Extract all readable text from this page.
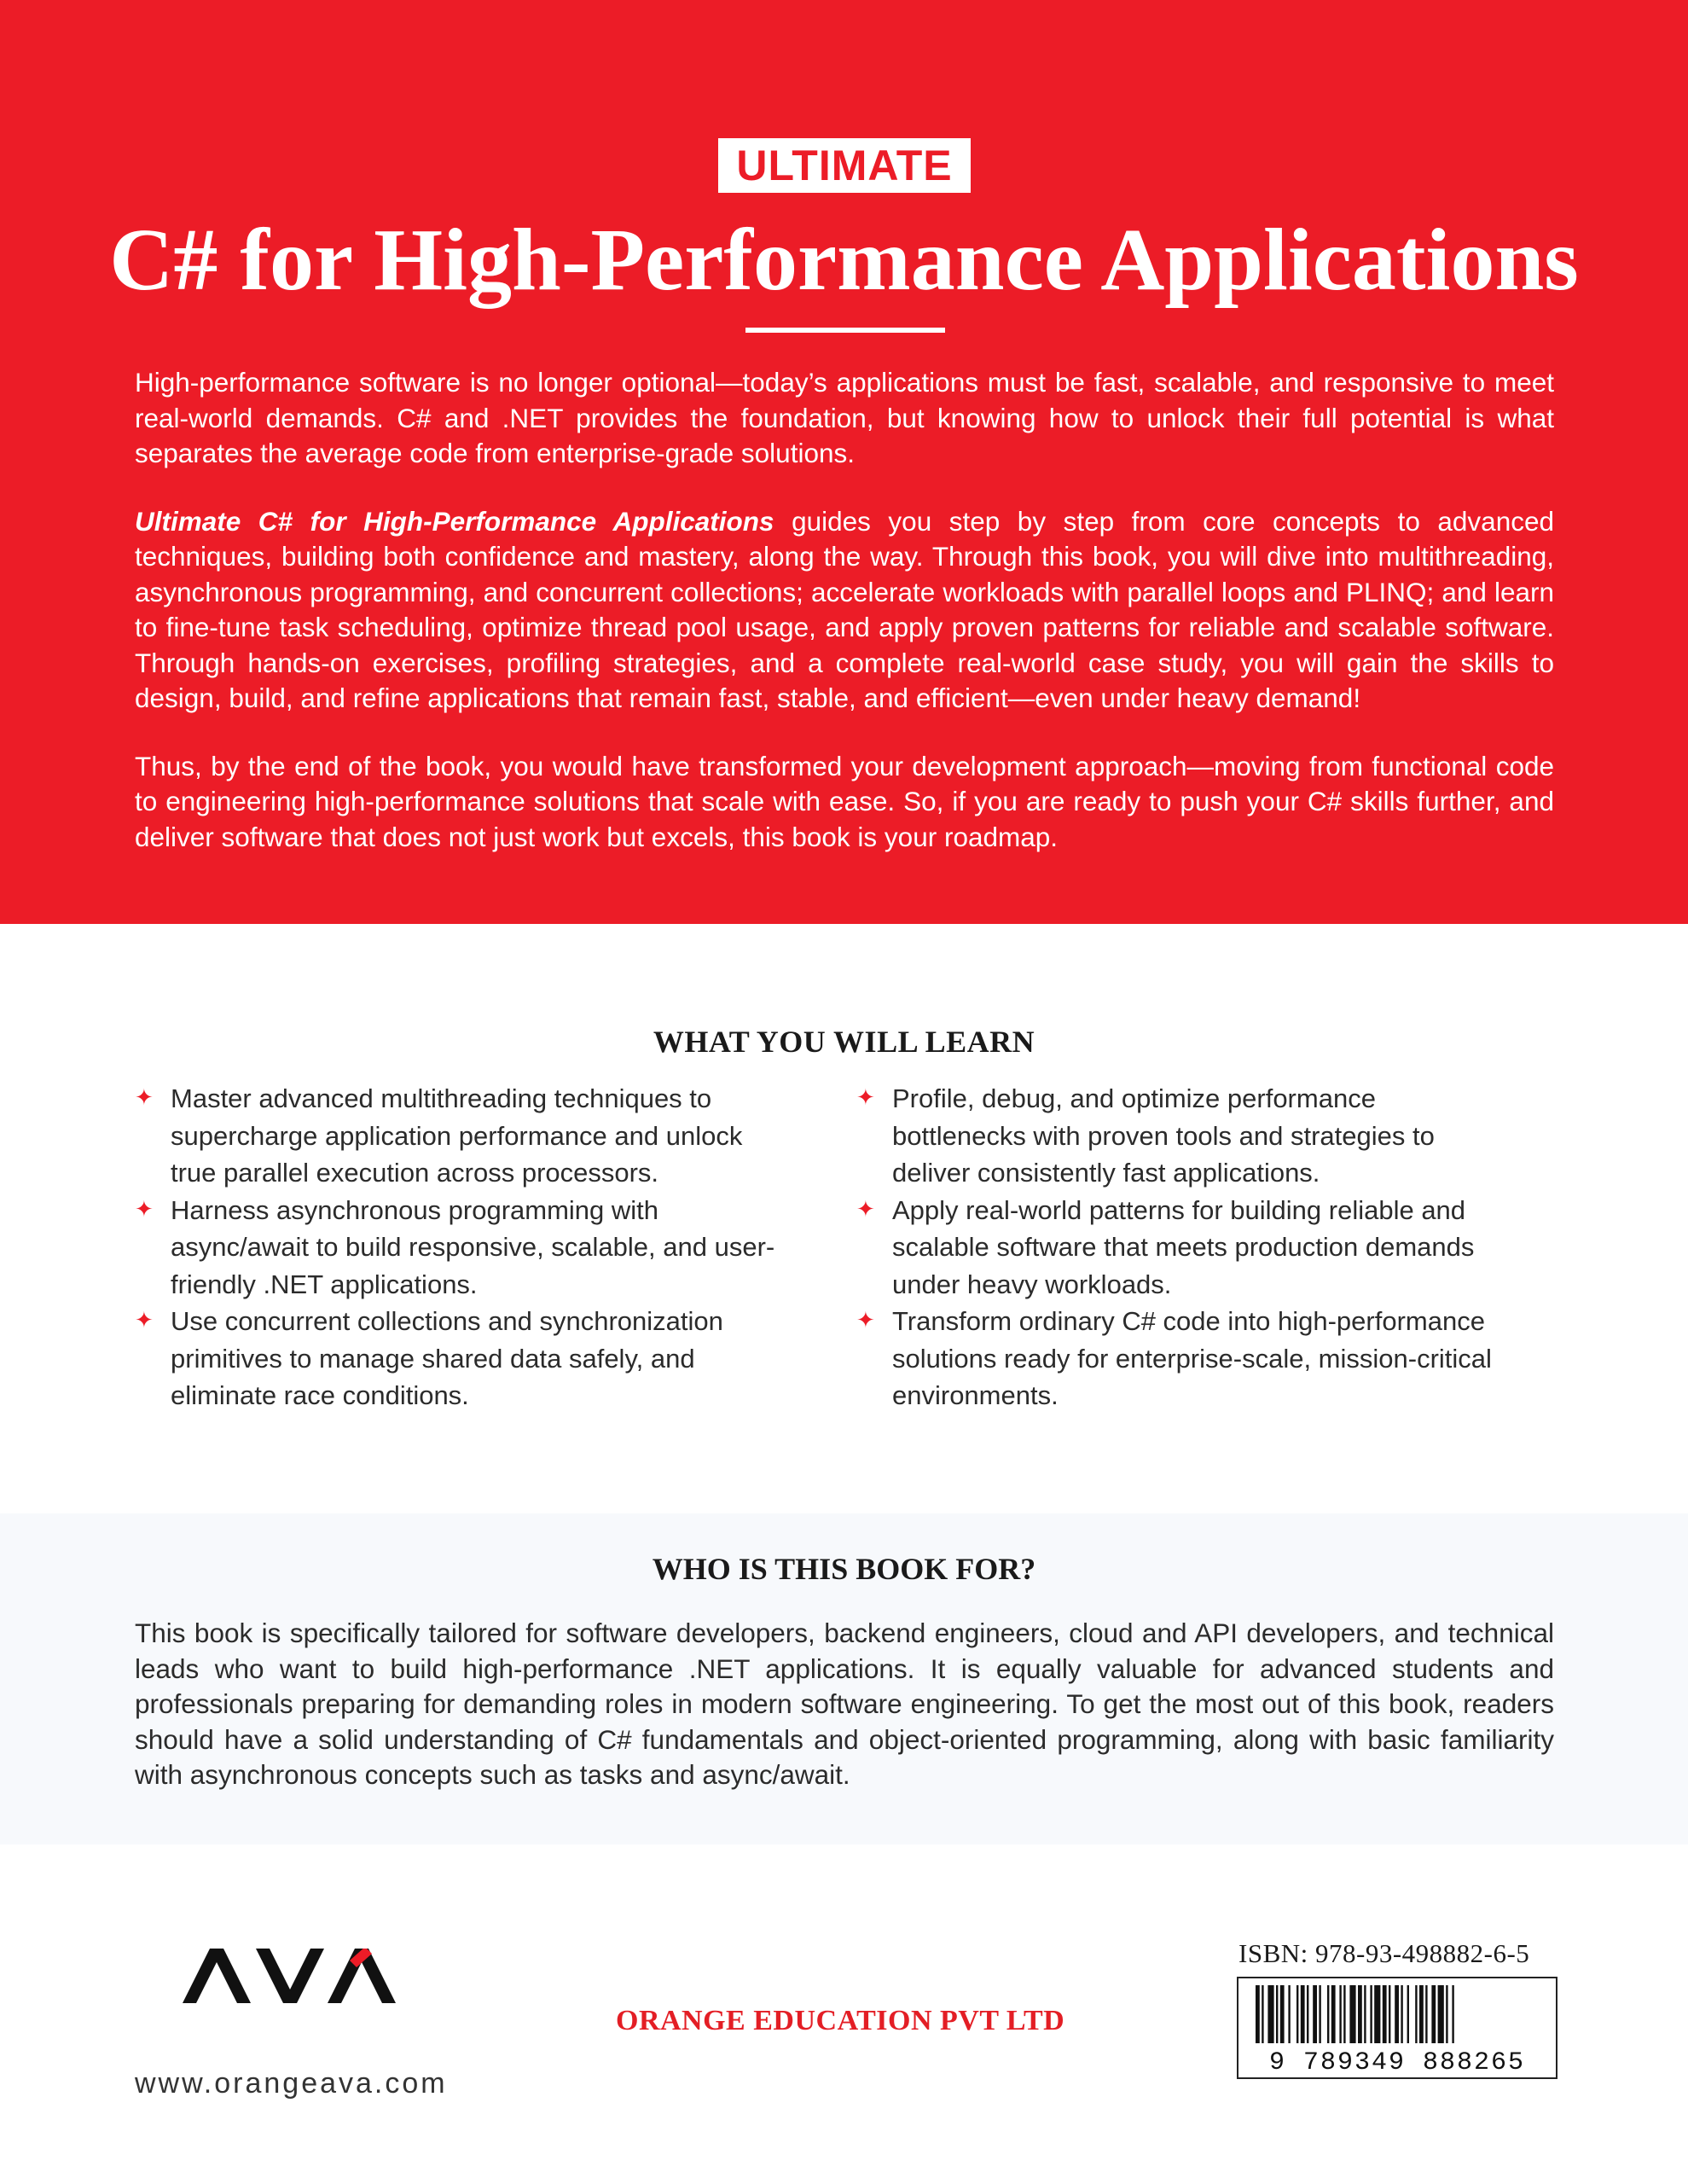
ULTIMATE
C# for High-Performance Applications

High-performance software is no longer optional—today’s applications must be fast, scalable, and responsive to meet real-world demands. C# and .NET provides the foundation, but knowing how to unlock their full potential is what separates the average code from enterprise-grade solutions.

Ultimate C# for High-Performance Applications guides you step by step from core concepts to advanced techniques, building both confidence and mastery, along the way. Through this book, you will dive into multithreading, asynchronous programming, and concurrent collections; accelerate workloads with parallel loops and PLINQ; and learn to fine-tune task scheduling, optimize thread pool usage, and apply proven patterns for reliable and scalable software. Through hands-on exercises, profiling strategies, and a complete real-world case study, you will gain the skills to design, build, and refine applications that remain fast, stable, and efficient—even under heavy demand!

Thus, by the end of the book, you would have transformed your development approach—moving from functional code to engineering high-performance solutions that scale with ease. So, if you are ready to push your C# skills further, and deliver software that does not just work but excels, this book is your roadmap.

WHAT YOU WILL LEARN
✦ Master advanced multithreading techniques to supercharge application performance and unlock true parallel execution across processors.
✦ Harness asynchronous programming with async/await to build responsive, scalable, and user-friendly .NET applications.
✦ Use concurrent collections and synchronization primitives to manage shared data safely, and eliminate race conditions.
✦ Profile, debug, and optimize performance bottlenecks with proven tools and strategies to deliver consistently fast applications.
✦ Apply real-world patterns for building reliable and scalable software that meets production demands under heavy workloads.
✦ Transform ordinary C# code into high-performance solutions ready for enterprise-scale, mission-critical environments.
WHO IS THIS BOOK FOR?

This book is specifically tailored for software developers, backend engineers, cloud and API developers, and technical leads who want to build high-performance .NET applications. It is equally valuable for advanced students and professionals preparing for demanding roles in modern software engineering. To get the most out of this book, readers should have a solid understanding of C# fundamentals and object-oriented programming, along with basic familiarity with asynchronous concepts such as tasks and async/await.

www.orangeava.com
ORANGE EDUCATION PVT LTD
ISBN: 978-93-498882-6-5
9 789349 888265
